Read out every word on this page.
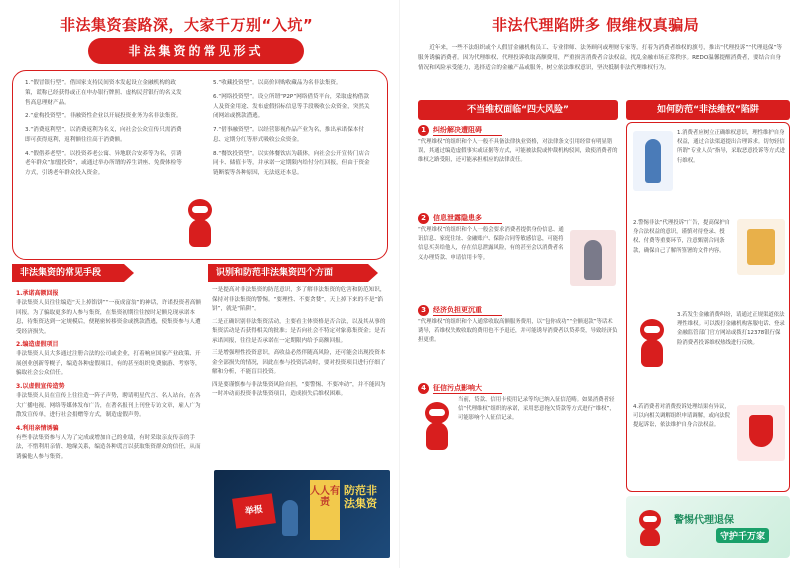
非法集资套路深，大家千万别“入坑”
非法集资的常见形式

1.“假冒银行型”。借国家支持民间资本发起设立金融机构的政策，谎称已经获得或正在申办银行牌照、虚构民营银行的名义发售高息理财产品。

2.“虚构投资型”。非融资性企业以开展投资业务为名非法集资。

3.“消费返利型”。以消费返利为名义，向社会公众宣传只需消费即可获得返利，返利额往往高于消费额。

4.“假借养老型”。以投资养老公寓、异地联合安养等为名，引诱老年群众“加盟投资”，或通过举办所谓的养生讲座、免费体检等方式，引诱老年群众投入资金。

5.“收藏投资型”。以高价回购收藏品为名非法集资。

6.“网络投资型”。设立所谓“P2P”网络借贷平台，采取虚构借款人及资金用途、发布虚假招标信息等手段吸收公众资金，突然关闭网站或携款潜逃。

7.“借事融资型”。以经营影视作品产业为名，推出承诺保本付息、定期分红等形式吸收公众资金。

8.“餐饮投资型”。以实体餐饮店为载体，向社会公开宣传门店合同卡、储值卡等，并承诺一定期限内给付分红回报，但由于资金链断裂等各种原因，无法返还本息。

非法集资的常见手段
1.承诺高额回报

非法集资人员往往编造“天上掉馅饼”“一夜成富翁”的神话，许诺投资者高额回报。为了骗取更多的人参与集资，在集资初期往往按时足额兑现承诺本息，待集资达到一定规模后，便秘密转移资金或携款潜逃，使集资参与人遭受经济损失。

2.编造虚假项目

非法集资人员大多通过注册合法的公司或企业，打着响应国家产业政策、开展创业创新等幌子，编造各种虚假项目，有的甚至组织免费旅游、考察等，骗取社会公众信任。

3.以虚假宣传造势

非法集资人员在宣传上往往造一阵子声势，聘请明星代言、名人站台，在各大广播电视、网络等媒体发布广告，在著名报刊上刊登专访文章，雇人广为散发宣传单，进行社会捐赠等方式，制造虚假声势。

4.利用亲情诱骗

有些非法集资参与人为了完成或增加自己的业绩，有时采取亲友传亲的手法，不惜利用亲情、地缘关系，编造各种谎言以获取集资群众的信任，从而诱骗他人参与集资。

识别和防范非法集资四个方面

一是提高对非法集资的防范意识，多了解非法集资的危害和防范知识，保持对非法集资的警惕。“要理性、不要贪婪”，天上掉下来的不是“馅饼”，就是“陷阱”。

二是正确识别非法集资活动，主要看主体资格是否合法，以及其从事的集资活动是否获得相关的批准；是否向社会不特定对象募集资金；是否承诺回报，往往是否承诺在一定期限内给予高额回报。

三是增强理性投资意识，高收益必然伴随高风险，还可能会出现投资本金全部损失的情况，因此在参与投资活动时，要对投资项目进行仔细了解和分析，不能盲目投资。

四是要谨慎参与非法集资风险自担，“要警惕、不要冲动”，并不能因为一时冲动而投资非法集资项目，造成损失后维权困难。

举报
人人有责
防范非法集资
非法代理陷阱多 假维权真骗局
近年来，一些不法组织或个人假冒金融机构员工、专业律师、法务顾问或理财专家等，打着为消费者维权的旗号，推出“代理投诉”“代理退保”等服务诱骗消费者。因为代理维权、代理投诉收取高额费用，严重损害消费者合法权益，扰乱金融市场正常秩序。REDO温馨提醒消费者，要结合自身情况和风险承受能力，选择适合的金融产品或服务，树立依法维权意识，坚决抵制非法代理维权行为。
不当维权面临“四大风险”	如何防范“非法维权”陷阱
1	纠纷解决遭阻碍
“代理维权”的组织和个人一般不具备法律执业资格，对法律条文引用经常有明显错误，其通过编造虚假事实或证据等方式，可能被法院或仲裁机构驳回，致使消费者的维权之路受阻，还可能承担相应的法律责任。
2	信息泄露隐患多
“代理维权”的组织和个人一般会要求消费者提供身份信息、通讯信息、家庭住址、金融账户、保险合同等敏感信息，可能将信息买卖给他人，存在信息泄露风险，有的甚至会以消费者名义办理贷款、申请信用卡等。
3	经济负担更沉重
“代理维权”的组织和个人通常收取高额服务费用，以“包你成功”“全额退款”等话术诱导，若维权失败收取的费用也不予退还，并可能诱导消费者以贷养贷，导致经济负担更重。
4	征信污点影响大
当前，贷款、信用卡使用记录等均已纳入征信范畴。如果消费者轻信“代理维权”组织的承诺，采用恶意拖欠贷款等方式进行“维权”，可能影响个人征信记录。
1.消费者应树立正确维权意识，理性维护自身权益，通过合法渠道提出合理诉求。切勿轻信所谓“专业人员”指导，采取恶意投诉等方式进行维权。
2.警惕非法“代理投诉”广告，提高保护自身合法权益的意识，谨慎对待登录、授权、付费等重要环节，注意甄别合同条款，确保自己了解所签署的文件内容。
3.若发生金融消费纠纷，请通过正规渠道依法理性维权。可以拨打金融机构客服电话、登录金融监管部门官方网站或拨打12378银行保险消费者投诉维权热线进行反映。
4.若消费者对消费投诉处理结果有异议，可以向相关调解组织申请调解，或向法院提起诉讼，依法维护自身合法权益。
警惕代理退保
守护千万家
